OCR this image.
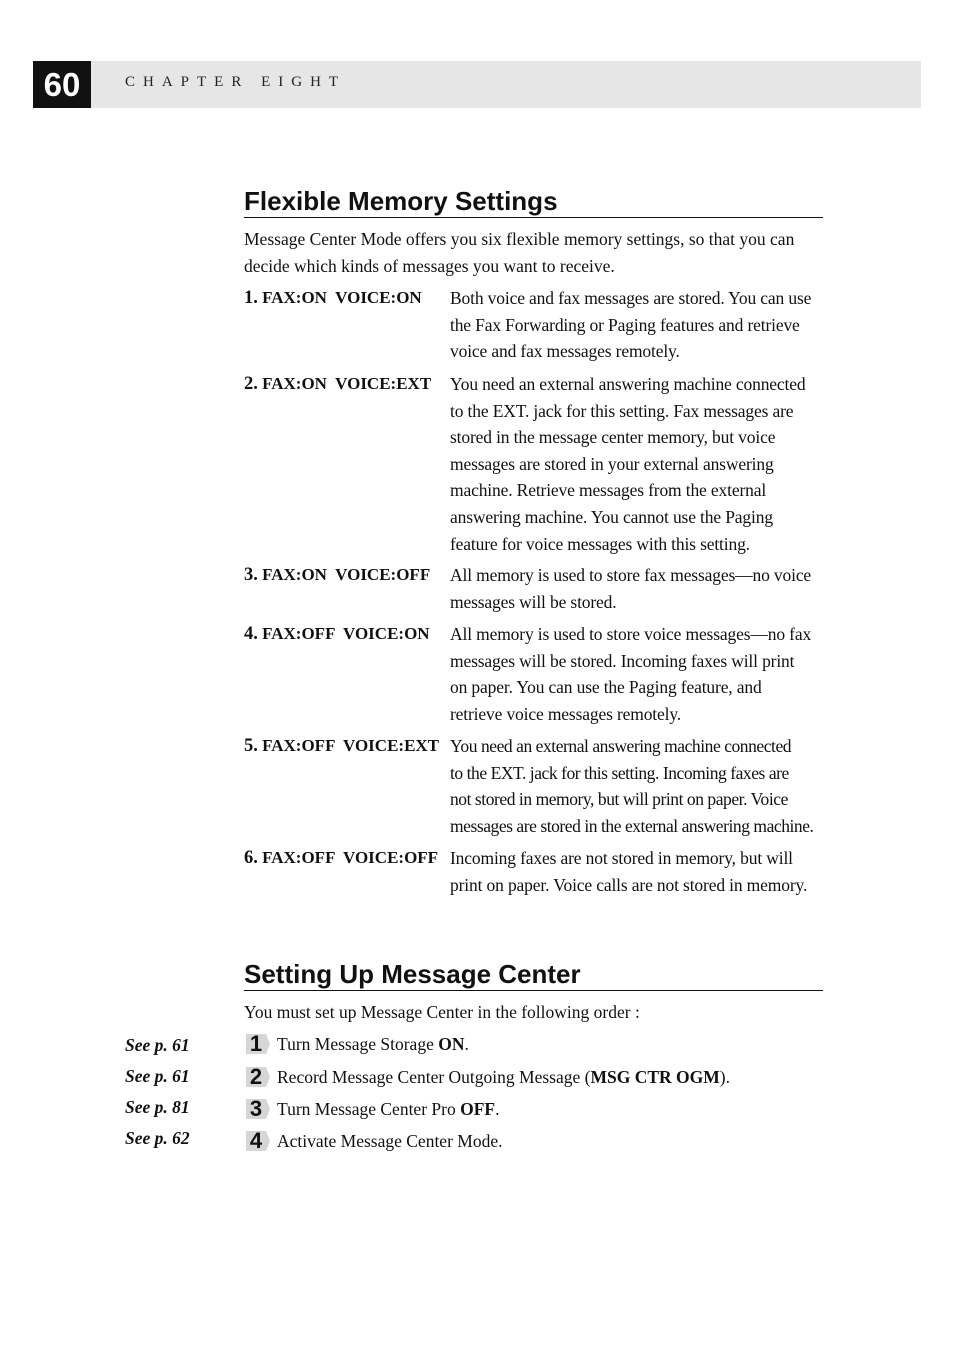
60	CHAPTER EIGHT
Flexible Memory Settings
Message Center Mode offers you six flexible memory settings, so that you can decide which kinds of messages you want to receive.
1. FAX:ON  VOICE:ON Both voice and fax messages are stored. You can use
the Fax Forwarding or Paging features and retrieve
voice and fax messages remotely.
2. FAX:ON  VOICE:EXT You need an external answering machine connected
to the EXT. jack for this setting. Fax messages are
stored in the message center memory, but voice
messages are stored in your external answering
machine. Retrieve messages from the external
answering machine. You cannot use the Paging
feature for voice messages with this setting.
3. FAX:ON  VOICE:OFF All memory is used to store fax messages—no voice
messages will be stored.
4. FAX:OFF  VOICE:ON All memory is used to store voice messages—no fax
messages will be stored. Incoming faxes will print
on paper. You can use the Paging feature, and
retrieve voice messages remotely.
5. FAX:OFF  VOICE:EXT You need an external answering machine connected
to the EXT. jack for this setting. Incoming faxes are
not stored in memory, but will print on paper. Voice
messages are stored in the external answering machine.
6. FAX:OFF  VOICE:OFF Incoming faxes are not stored in memory, but will
print on paper. Voice calls are not stored in memory.
Setting Up Message Center
You must set up Message Center in the following order :
See p. 61	1 Turn Message Storage ON.
See p. 61	2 Record Message Center Outgoing Message (MSG CTR OGM).
See p. 81	3 Turn Message Center Pro OFF.
See p. 62	4 Activate Message Center Mode.
